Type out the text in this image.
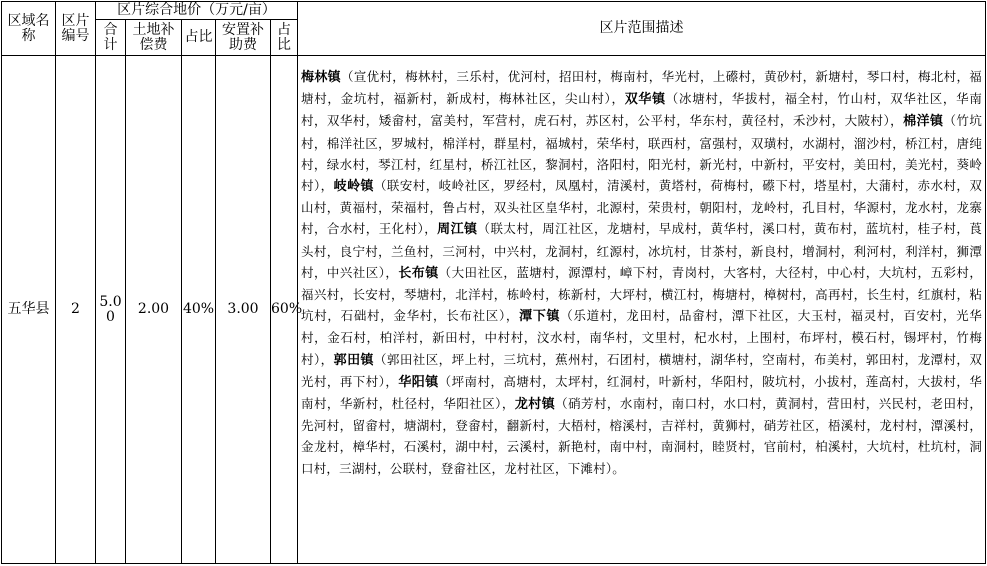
区域名称	区片编号	区片综合地价（万元/亩）					区片范围描述
		合计	土地补偿费	占比	安置补助费	占比	
五华县	2	5.00	2.00	40%	3.00	60%	梅林镇（宣优村，梅林村，三乐村，优河村，招田村，梅南村，华光村，上礤村，黄砂村，新塘村，琴口村，梅北村，福塘村，金坑村，福新村，新成村，梅林社区，尖山村），双华镇（冰塘村，华拔村，福全村，竹山村，双华社区，华南村，双华村，矮畲村，富美村，军营村，虎石村，苏区村，公平村，华东村，黄径村，禾沙村，大陂村），棉洋镇（竹坑村，棉洋社区，罗城村，棉洋村，群星村，福城村，荣华村，联西村，富强村，双璜村，水湖村，溜沙村，桥江村，唐纯村，绿水村，琴江村，红星村，桥江社区，黎洞村，洛阳村，阳光村，新光村，中新村，平安村，美田村，美光村，葵岭村），岐岭镇（联安村，岐岭社区，罗经村，凤凰村，清溪村，黄塔村，荷梅村，礤下村，塔星村，大蒲村，赤水村，双山村，黄福村，荣福村，鲁占村，双头社区皇华村，北源村，荣贵村，朝阳村，龙岭村，孔目村，华源村，龙水村，龙寨村，合水村，王化村），周江镇（联太村，周江社区，龙塘村，早成村，黄华村，溪口村，黄布村，蓝坑村，桂子村，莨头村，良宁村，兰鱼村，三河村，中兴村，龙洞村，红源村，冰坑村，甘茶村，新良村，增洞村，利河村，利洋村，狮潭村，中兴社区），长布镇（大田社区，蓝塘村，源潭村，嶂下村，青岗村，大客村，大径村，中心村，大坑村，五彩村，福兴村，长安村，琴塘村，北洋村，栋岭村，栋新村，大坪村，横江村，梅塘村，樟树村，高再村，长生村，红旗村，粘坑村，石础村，金华村，长布社区），潭下镇（乐道村，龙田村，品畲村，潭下社区，大玉村，福灵村，百安村，光华村，金石村，柏洋村，新田村，中村村，汶水村，南华村，文里村，杞水村，上围村，布坪村，模石村，锡坪村，竹梅村），郭田镇（郭田社区，坪上村，三坑村，蕉州村，石团村，横塘村，湖华村，空南村，布美村，郭田村，龙潭村，双光村，再下村），华阳镇（坪南村，高塘村，太坪村，红洞村，叶新村，华阳村，陂坑村，小拔村，莲高村，大拔村，华南村，华新村，杜径村，华阳社区），龙村镇（硝芳村，水南村，南口村，水口村，黄洞村，营田村，兴民村，老田村，先河村，留畲村，塘湖村，登畲村，翻新村，大梧村，榕溪村，吉祥村，黄狮村，硝芳社区，梧溪村，龙村村，潭溪村，金龙村，樟华村，石溪村，湖中村，云溪村，新艳村，南中村，南洞村，睦贤村，官前村，柏溪村，大坑村，杜坑村，洞口村，三湖村，公联村，登畲社区，龙村社区，下滩村）。
